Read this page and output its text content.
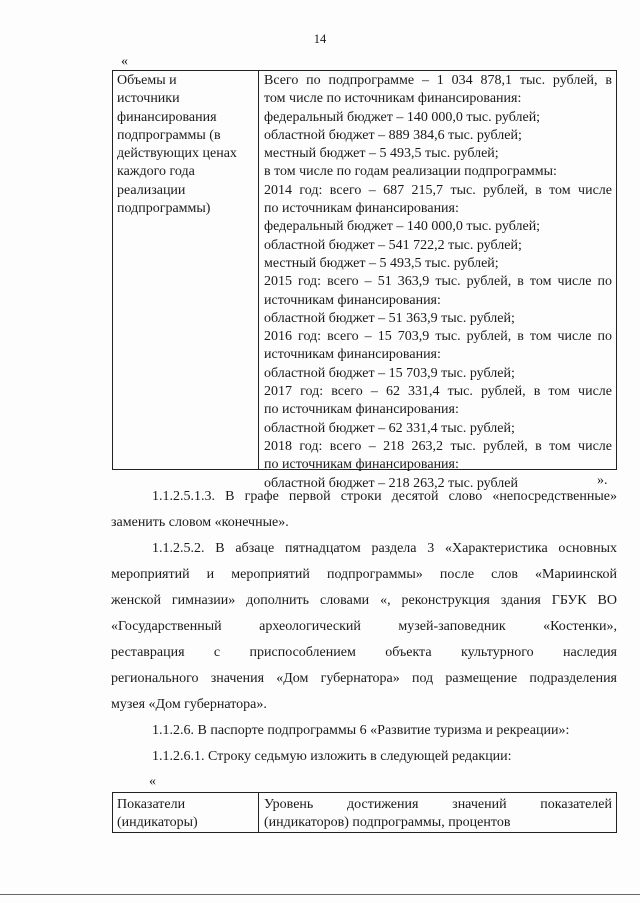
14
«
Объемы и
источники
финансирования
подпрограммы (в
действующих ценах
каждого года
реализации
подпрограммы)
Всего по подпрограмме – 1 034 878,1 тыс. рублей, в
том числе по источникам финансирования:
федеральный бюджет – 140 000,0 тыс. рублей;
областной бюджет – 889 384,6 тыс. рублей;
местный бюджет – 5 493,5 тыс. рублей;
в том числе по годам реализации подпрограммы:
2014 год: всего – 687 215,7 тыс. рублей, в том числе
по источникам финансирования:
федеральный бюджет – 140 000,0 тыс. рублей;
областной бюджет – 541 722,2 тыс. рублей;
местный бюджет – 5 493,5 тыс. рублей;
2015 год: всего – 51 363,9 тыс. рублей, в том числе по
источникам финансирования:
областной бюджет – 51 363,9 тыс. рублей;
2016 год: всего – 15 703,9 тыс. рублей, в том числе по
источникам финансирования:
областной бюджет – 15 703,9 тыс. рублей;
2017 год: всего – 62 331,4 тыс. рублей, в том числе
по источникам финансирования:
областной бюджет – 62 331,4 тыс. рублей;
2018 год: всего – 218 263,2 тыс. рублей, в том числе
по источникам финансирования:
областной бюджет – 218 263,2 тыс. рублей	».
1.1.2.5.1.3. В графе первой строки десятой слово «непосредственные»
заменить словом «конечные».
1.1.2.5.2. В абзаце пятнадцатом раздела 3 «Характеристика основных
мероприятий и мероприятий подпрограммы» после слов «Мариинской
женской гимназии» дополнить словами «, реконструкция здания ГБУК ВО
«Государственный археологический музей-заповедник «Костенки»,
реставрация с приспособлением объекта культурного наследия
регионального значения «Дом губернатора» под размещение подразделения
музея «Дом губернатора».
1.1.2.6. В паспорте подпрограммы 6 «Развитие туризма и рекреации»:
1.1.2.6.1. Строку седьмую изложить в следующей редакции:
«
Показатели
(индикаторы)
Уровень достижения значений показателей
(индикаторов) подпрограммы, процентов
